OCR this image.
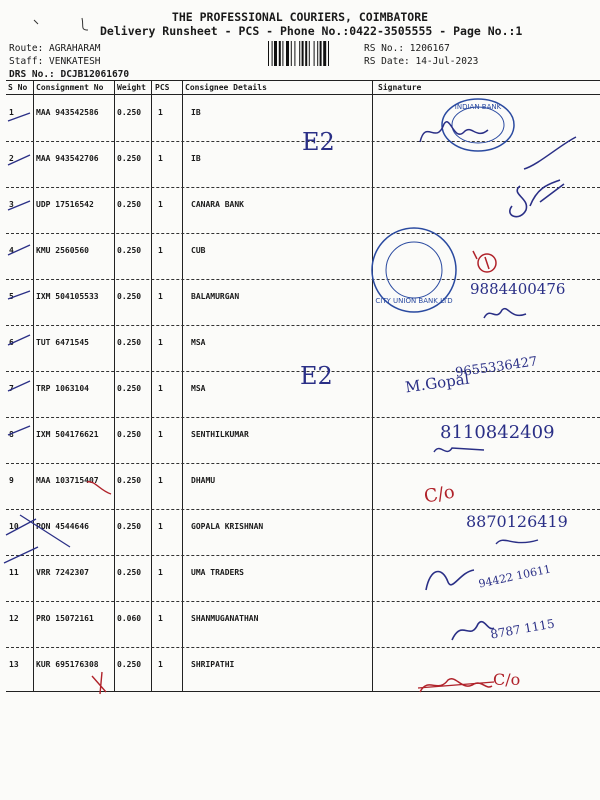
THE PROFESSIONAL COURIERS, COIMBATORE
Delivery Runsheet - PCS - Phone No.:0422-3505555 - Page No.:1
Route: AGRAHARAM
Staff: VENKATESH
DRS No.: DCJB12061670
RS No.: 1206167
RS Date: 14-Jul-2023
S No Consignment No Weight PCS Consignee Details	Signature
1	MAA 943542586 0.250 1	IB
2	MAA 943542706 0.250 1	IB
3	UDP 17516542	0.250 1	CANARA BANK
4	KMU 2560560	0.250 1	CUB
5	IXM 504105533 0.250 1	BALAMURGAN
6	TUT 6471545	0.250 1	MSA
7	TRP 1063104	0.250 1	MSA
8	IXM 504176621 0.250 1	SENTHILKUMAR
9	MAA 103715407 0.250 1	DHAMU
10 PON 4544646	0.250 1	GOPALA KRISHNAN
11 VRR 7242307	0.250 1	UMA TRADERS
12 PRO 15072161	0.060 1	SHANMUGANATHAN
13 KUR 695176308 0.250 1	SHRIPATHI
E2
E2
INDIAN BANK
CITY UNION BANK LTD
9884400476
M.Gopal
9655336427
8110842409
C/o
8870126419
94422 10611
8787 1115
C/o
